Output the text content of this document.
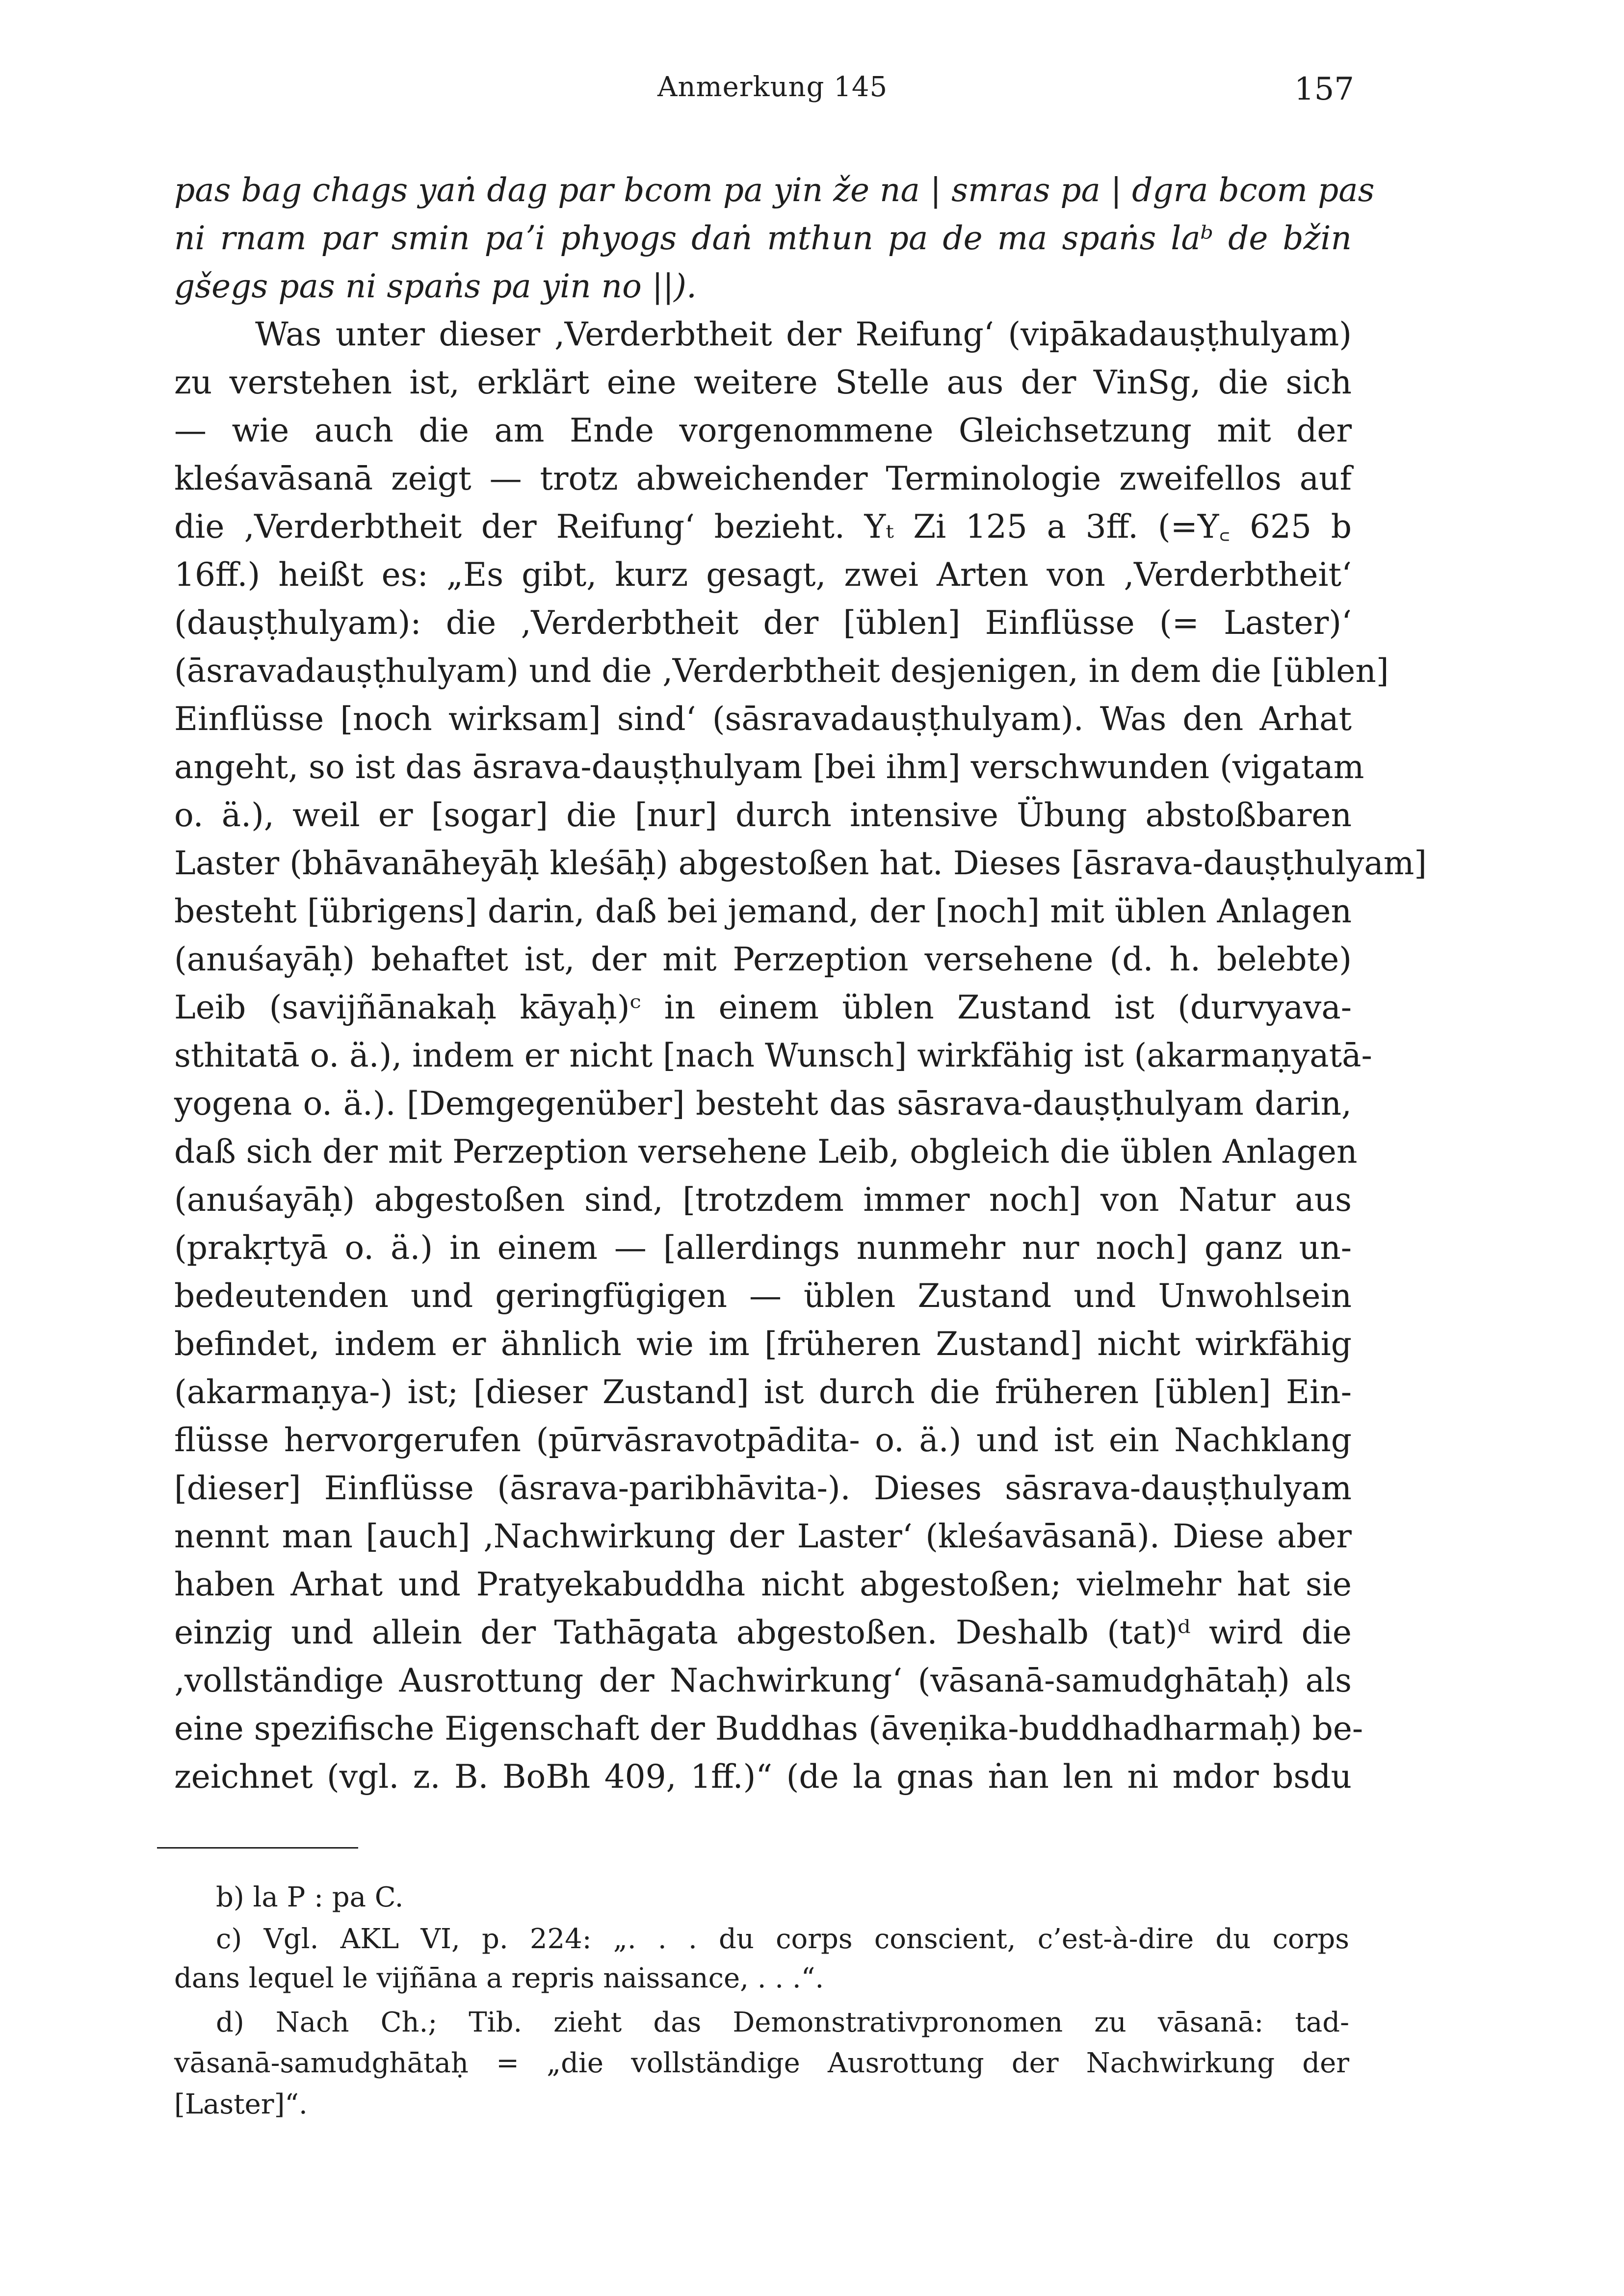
Anmerkung 145	157
pas bag chags yaṅ dag par bcom pa yin že na | smras pa | dgra bcom pas
ni rnam par smin paʼi phyogs daṅ mthun pa de ma spaṅs laᵇ de bžin
gšegs pas ni spaṅs pa yin no ||).
Was unter dieser ‚Verderbtheit der Reifung‘ (vipākadauṣṭhulyam)
zu verstehen ist, erklärt eine weitere Stelle aus der VinSg, die sich
— wie auch die am Ende vorgenommene Gleichsetzung mit der
kleśavāsanā zeigt — trotz abweichender Terminologie zweifellos auf
die ‚Verderbtheit der Reifung‘ bezieht. Yₜ Zi 125 a 3ff. (=Y꜀ 625 b
16ff.) heißt es: „Es gibt, kurz gesagt, zwei Arten von ‚Verderbtheit‘
(dauṣṭhulyam): die ‚Verderbtheit der [üblen] Einflüsse (= Laster)‘
(āsravadauṣṭhulyam) und die ‚Verderbtheit desjenigen, in dem die [üblen]
Einflüsse [noch wirksam] sind‘ (sāsravadauṣṭhulyam). Was den Arhat
angeht, so ist das āsrava-dauṣṭhulyam [bei ihm] verschwunden (vigatam
o. ä.), weil er [sogar] die [nur] durch intensive Übung abstoßbaren
Laster (bhāvanāheyāḥ kleśāḥ) abgestoßen hat. Dieses [āsrava-dauṣṭhulyam]
besteht [übrigens] darin, daß bei jemand, der [noch] mit üblen Anlagen
(anuśayāḥ) behaftet ist, der mit Perzeption versehene (d. h. belebte)
Leib (savijñānakaḥ kāyaḥ)ᶜ in einem üblen Zustand ist (durvyava-
sthitatā o. ä.), indem er nicht [nach Wunsch] wirkfähig ist (akarmaṇyatā-
yogena o. ä.). [Demgegenüber] besteht das sāsrava-dauṣṭhulyam darin,
daß sich der mit Perzeption versehene Leib, obgleich die üblen Anlagen
(anuśayāḥ) abgestoßen sind, [trotzdem immer noch] von Natur aus
(prakṛtyā o. ä.) in einem — [allerdings nunmehr nur noch] ganz un-
bedeutenden und geringfügigen — üblen Zustand und Unwohlsein
befindet, indem er ähnlich wie im [früheren Zustand] nicht wirkfähig
(akarmaṇya-) ist; [dieser Zustand] ist durch die früheren [üblen] Ein-
flüsse hervorgerufen (pūrvāsravotpādita- o. ä.) und ist ein Nachklang
[dieser] Einflüsse (āsrava-paribhāvita-). Dieses sāsrava-dauṣṭhulyam
nennt man [auch] ‚Nachwirkung der Laster‘ (kleśavāsanā). Diese aber
haben Arhat und Pratyekabuddha nicht abgestoßen; vielmehr hat sie
einzig und allein der Tathāgata abgestoßen. Deshalb (tat)ᵈ wird die
‚vollständige Ausrottung der Nachwirkung‘ (vāsanā-samudghātaḥ) als
eine spezifische Eigenschaft der Buddhas (āveṇika-buddhadharmaḥ) be-
zeichnet (vgl. z. B. BoBh 409, 1ff.)“ (de la gnas ṅan len ni mdor bsdu
b) la P : pa C.
c) Vgl. AKL VI, p. 224: „. . . du corps conscient, c’est-à-dire du corps
dans lequel le vijñāna a repris naissance, . . .“.
d) Nach Ch.; Tib. zieht das Demonstrativpronomen zu vāsanā: tad-
vāsanā-samudghātaḥ = „die vollständige Ausrottung der Nachwirkung der
[Laster]“.
